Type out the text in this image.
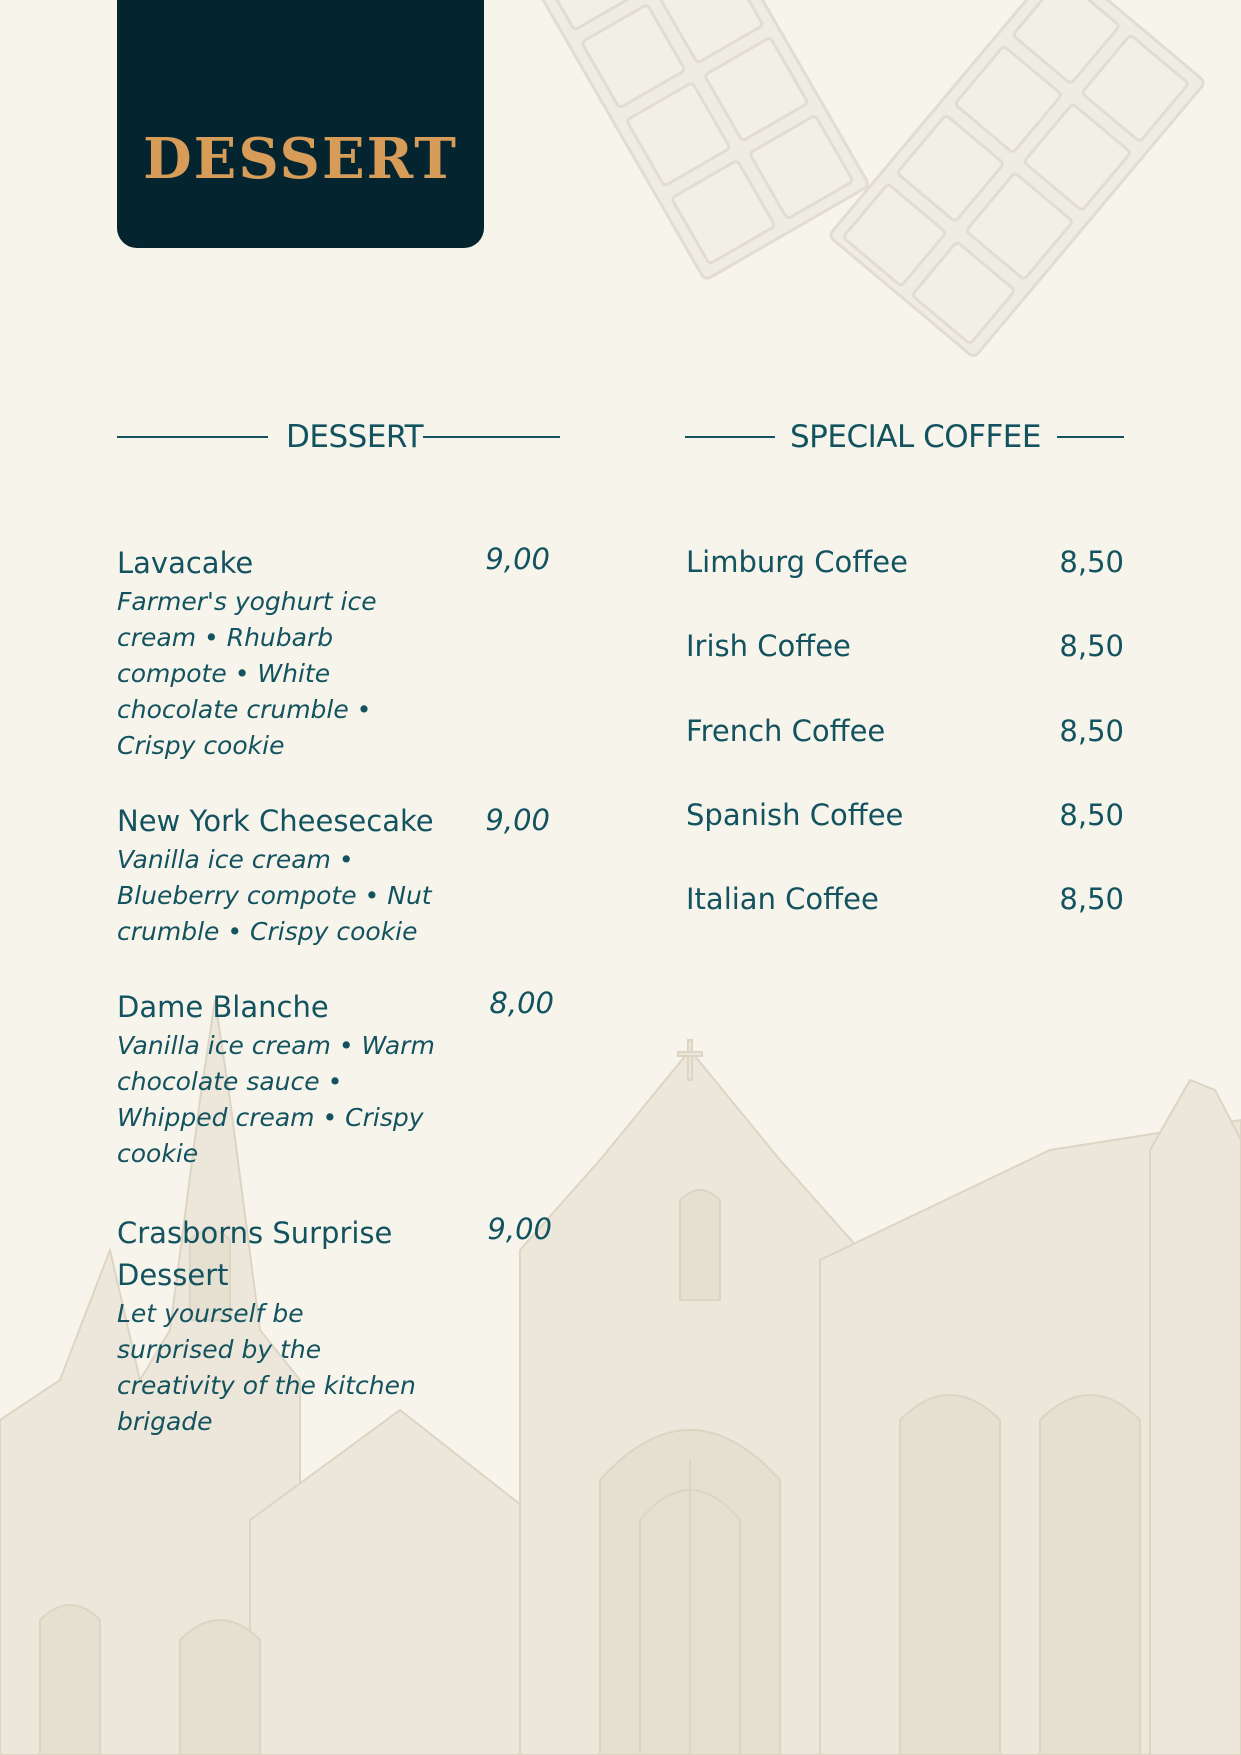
DESSERT
DESSERT	SPECIAL COFFEE
Lavacake
Farmer's yoghurt ice cream • Rhubarb compote • White chocolate crumble • Crispy cookie
9,00
New York Cheesecake
Vanilla ice cream • Blueberry compote • Nut crumble • Crispy cookie
9,00
Dame Blanche
Vanilla ice cream • Warm chocolate sauce • Whipped cream • Crispy cookie
8,00
Crasborns Surprise Dessert
Let yourself be surprised by the creativity of the kitchen brigade
9,00
Limburg Coffee	8,50
Irish Coffee	8,50
French Coffee	8,50
Spanish Coffee	8,50
Italian Coffee	8,50
